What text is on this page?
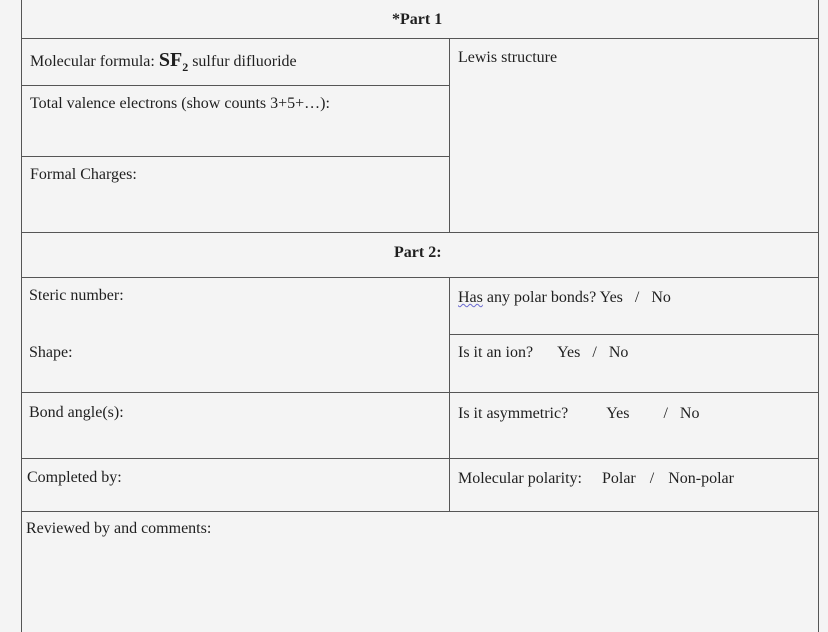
*Part 1
Molecular formula: $SF_2$ sulfur difluoride	Lewis structure
Total valence electrons (show counts 3+5+…):
Formal Charges:
Part 2:
Steric number:	Has any polar bonds? Yes / No
Shape:	Is it an ion? Yes / No
Bond angle(s):	Is it asymmetric? Yes / No
Completed by:	Molecular polarity: Polar / Non-polar
Reviewed by and comments:
